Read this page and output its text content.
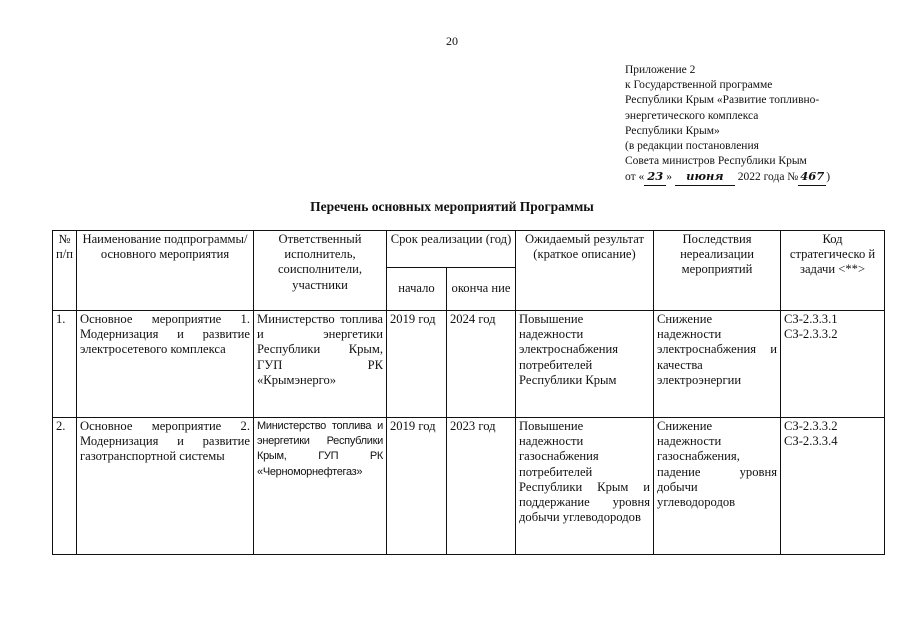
20
Приложение 2
к Государственной программе
Республики Крым «Развитие топливно-
энергетического комплекса
Республики Крым»
(в редакции постановления
Совета министров Республики Крым
от « 23 » июня 2022 года № 467 )
Перечень основных мероприятий Программы
№ п/п	Наименование подпрограммы/основного мероприятия	Ответственный исполнитель, соисполнители, участники	Срок реализации (год)		Ожидаемый результат (краткое описание)	Последствия нереализации мероприятий	Код стратегическо й задачи <**>
			начало	оконча ние			
1.	Основное мероприятие 1. Модернизация и развитие электросетевого комплекса	Министерство топлива и энергетики Республики Крым, ГУП РК «Крымэнерго»	2019 год	2024 год	Повышение надежности электроснабжения потребителей Республики Крым	Снижение надежности электроснабжения и качества электроэнергии	СЗ-2.3.3.1
СЗ-2.3.3.2

2.	Основное мероприятие 2. Модернизация и развитие газотранспортной системы	Министерство топлива и энергетики Республики Крым, ГУП РК «Черноморнефтегаз»	2019 год	2023 год	Повышение надежности газоснабжения потребителей Республики Крым и поддержание уровня добычи углеводородов	Снижение надежности газоснабжения, падение уровня добычи углеводородов	СЗ-2.3.3.2
СЗ-2.3.3.4
